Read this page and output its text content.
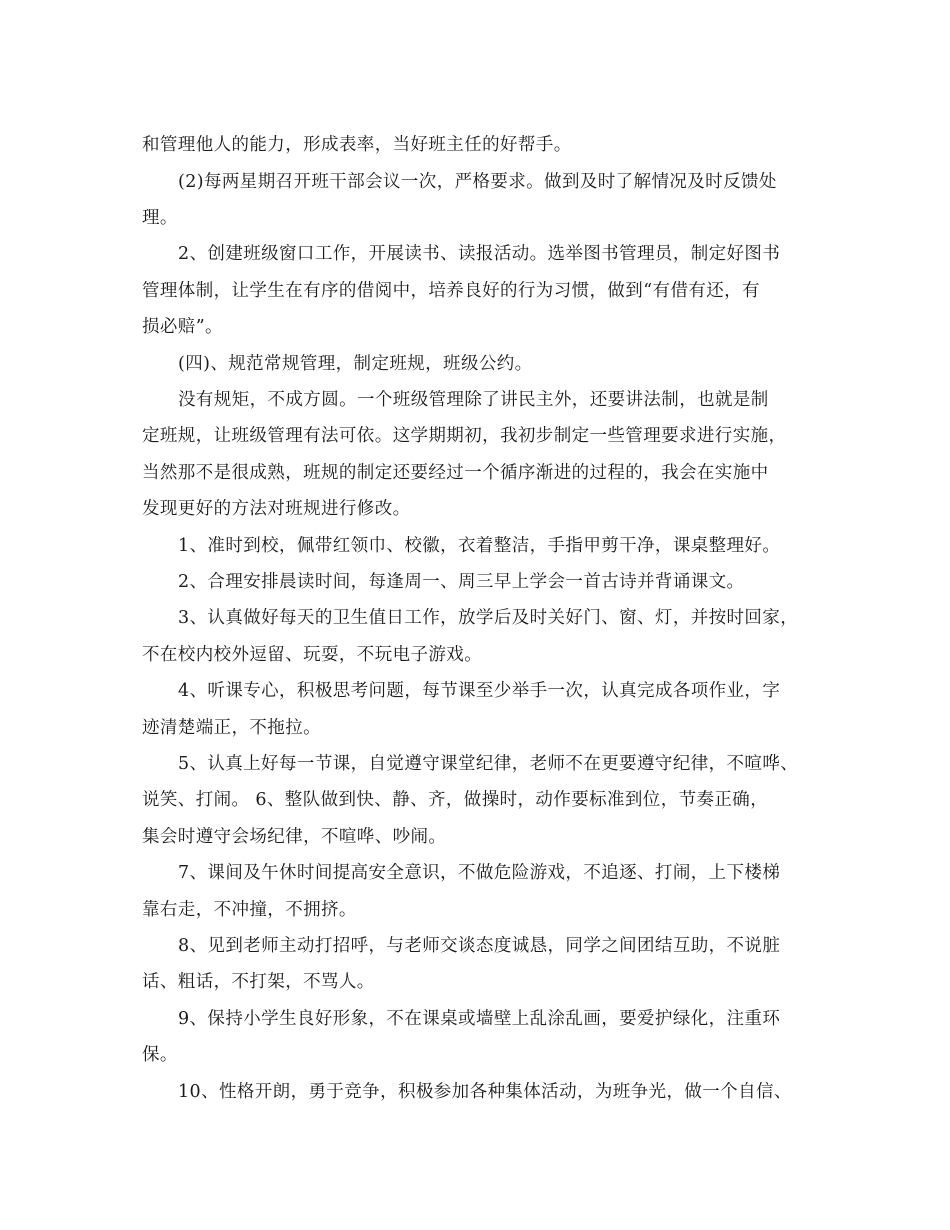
和管理他人的能力，形成表率，当好班主任的好帮手。
(2)每两星期召开班干部会议一次，严格要求。做到及时了解情况及时反馈处
理。
2、创建班级窗口工作，开展读书、读报活动。选举图书管理员，制定好图书
管理体制，让学生在有序的借阅中，培养良好的行为习惯，做到“有借有还，有
损必赔”。
(四)、规范常规管理，制定班规，班级公约。
没有规矩，不成方圆。一个班级管理除了讲民主外，还要讲法制，也就是制
定班规，让班级管理有法可依。这学期期初，我初步制定一些管理要求进行实施，
当然那不是很成熟，班规的制定还要经过一个循序渐进的过程的，我会在实施中
发现更好的方法对班规进行修改。
1、准时到校，佩带红领巾、校徽，衣着整洁，手指甲剪干净，课桌整理好。
2、合理安排晨读时间，每逢周一、周三早上学会一首古诗并背诵课文。
3、认真做好每天的卫生值日工作，放学后及时关好门、窗、灯，并按时回家，
不在校内校外逗留、玩耍，不玩电子游戏。
4、听课专心，积极思考问题，每节课至少举手一次，认真完成各项作业，字
迹清楚端正，不拖拉。
5、认真上好每一节课，自觉遵守课堂纪律，老师不在更要遵守纪律，不喧哗、
说笑、打闹。 6、整队做到快、静、齐，做操时，动作要标准到位，节奏正确，
集会时遵守会场纪律，不喧哗、吵闹。
7、课间及午休时间提高安全意识，不做危险游戏，不追逐、打闹，上下楼梯
靠右走，不冲撞，不拥挤。
8、见到老师主动打招呼，与老师交谈态度诚恳，同学之间团结互助，不说脏
话、粗话，不打架，不骂人。
9、保持小学生良好形象，不在课桌或墙壁上乱涂乱画，要爱护绿化，注重环
保。
10、性格开朗，勇于竞争，积极参加各种集体活动，为班争光，做一个自信、
